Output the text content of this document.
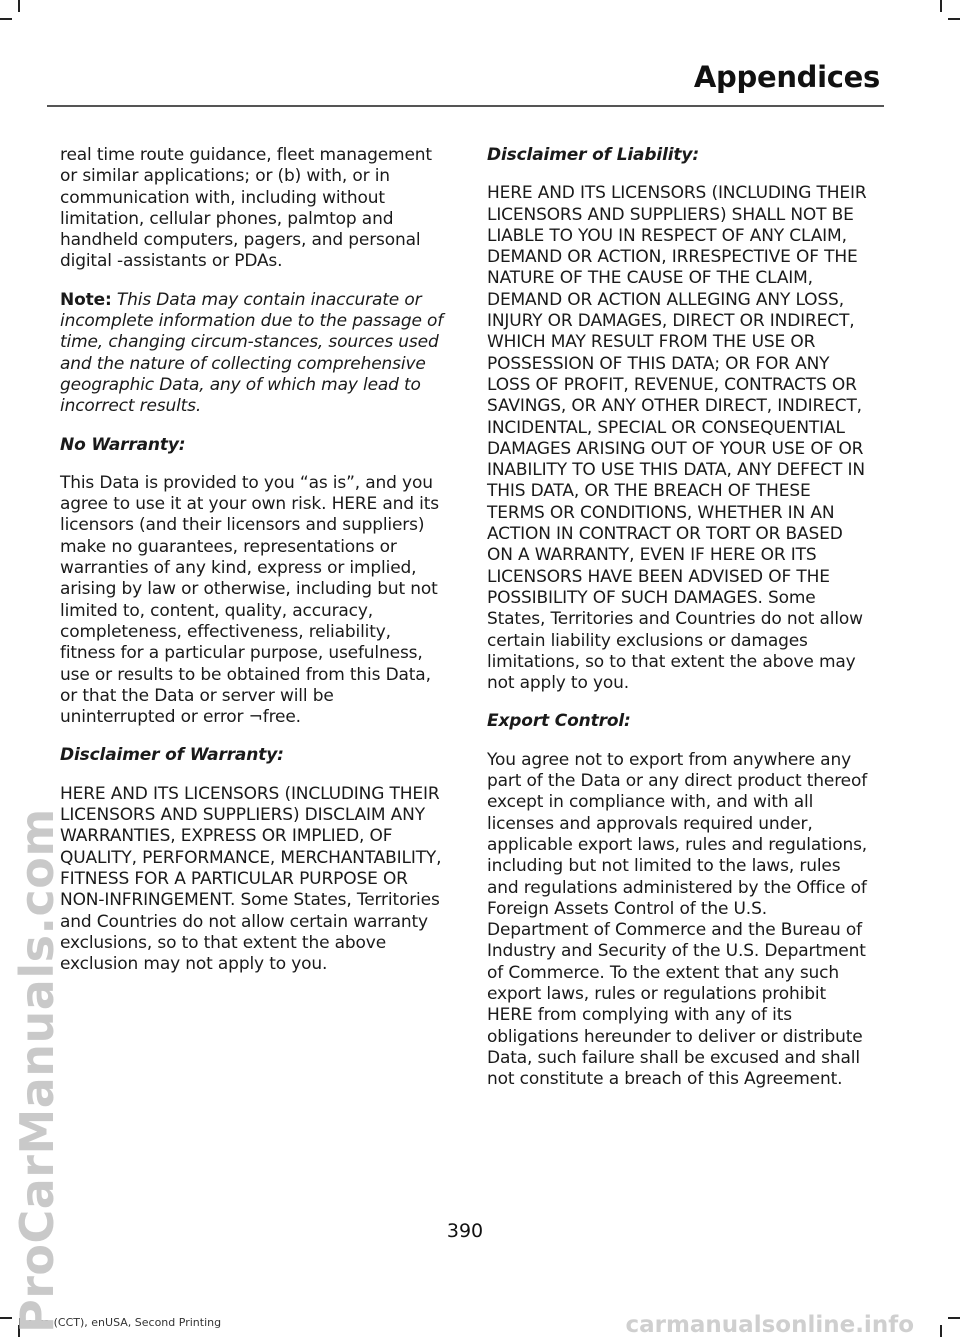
Appendices

real time route guidance, fleet management or similar applications; or (b) with, or in communication with, including without limitation, cellular phones, palmtop and handheld computers, pagers, and personal digital -assistants or PDAs.

Note: This Data may contain inaccurate or incomplete information due to the passage of time, changing circum-stances, sources used and the nature of collecting comprehensive geographic Data, any of which may lead to incorrect results.

No Warranty:

This Data is provided to you “as is”, and you agree to use it at your own risk. HERE and its licensors (and their licensors and suppliers) make no guarantees, representations or warranties of any kind, express or implied, arising by law or otherwise, including but not limited to, content, quality, accuracy, completeness, effectiveness, reliability, fitness for a particular purpose, usefulness, use or results to be obtained from this Data, or that the Data or server will be uninterrupted or error ¬free.

Disclaimer of Warranty:

HERE AND ITS LICENSORS (INCLUDING THEIR LICENSORS AND SUPPLIERS) DISCLAIM ANY WARRANTIES, EXPRESS OR IMPLIED, OF QUALITY, PERFORMANCE, MERCHANTABILITY, FITNESS FOR A PARTICULAR PURPOSE OR NON-INFRINGEMENT. Some States, Territories and Countries do not allow certain warranty exclusions, so to that extent the above exclusion may not apply to you.

Disclaimer of Liability:

HERE AND ITS LICENSORS (INCLUDING THEIR LICENSORS AND SUPPLIERS) SHALL NOT BE LIABLE TO YOU IN RESPECT OF ANY CLAIM, DEMAND OR ACTION, IRRESPECTIVE OF THE NATURE OF THE CAUSE OF THE CLAIM, DEMAND OR ACTION ALLEGING ANY LOSS, INJURY OR DAMAGES, DIRECT OR INDIRECT, WHICH MAY RESULT FROM THE USE OR POSSESSION OF THIS DATA; OR FOR ANY LOSS OF PROFIT, REVENUE, CONTRACTS OR SAVINGS, OR ANY OTHER DIRECT, INDIRECT, INCIDENTAL, SPECIAL OR CONSEQUENTIAL DAMAGES ARISING OUT OF YOUR USE OF OR INABILITY TO USE THIS DATA, ANY DEFECT IN THIS DATA, OR THE BREACH OF THESE TERMS OR CONDITIONS, WHETHER IN AN ACTION IN CONTRACT OR TORT OR BASED ON A WARRANTY, EVEN IF HERE OR ITS LICENSORS HAVE BEEN ADVISED OF THE POSSIBILITY OF SUCH DAMAGES. Some States, Territories and Countries do not allow certain liability exclusions or damages limitations, so to that extent the above may not apply to you.

Export Control:

You agree not to export from anywhere any part of the Data or any direct product thereof except in compliance with, and with all licenses and approvals required under, applicable export laws, rules and regulations, including but not limited to the laws, rules and regulations administered by the Office of Foreign Assets Control of the U.S. Department of Commerce and the Bureau of Industry and Security of the U.S. Department of Commerce. To the extent that any such export laws, rules or regulations prohibit HERE from complying with any of its obligations hereunder to deliver or distribute Data, such failure shall be excused and shall not constitute a breach of this Agreement.

390
Fiesta (CCT), enUSA, Second Printing
ProCarManuals.com	carmanualsonline.info
